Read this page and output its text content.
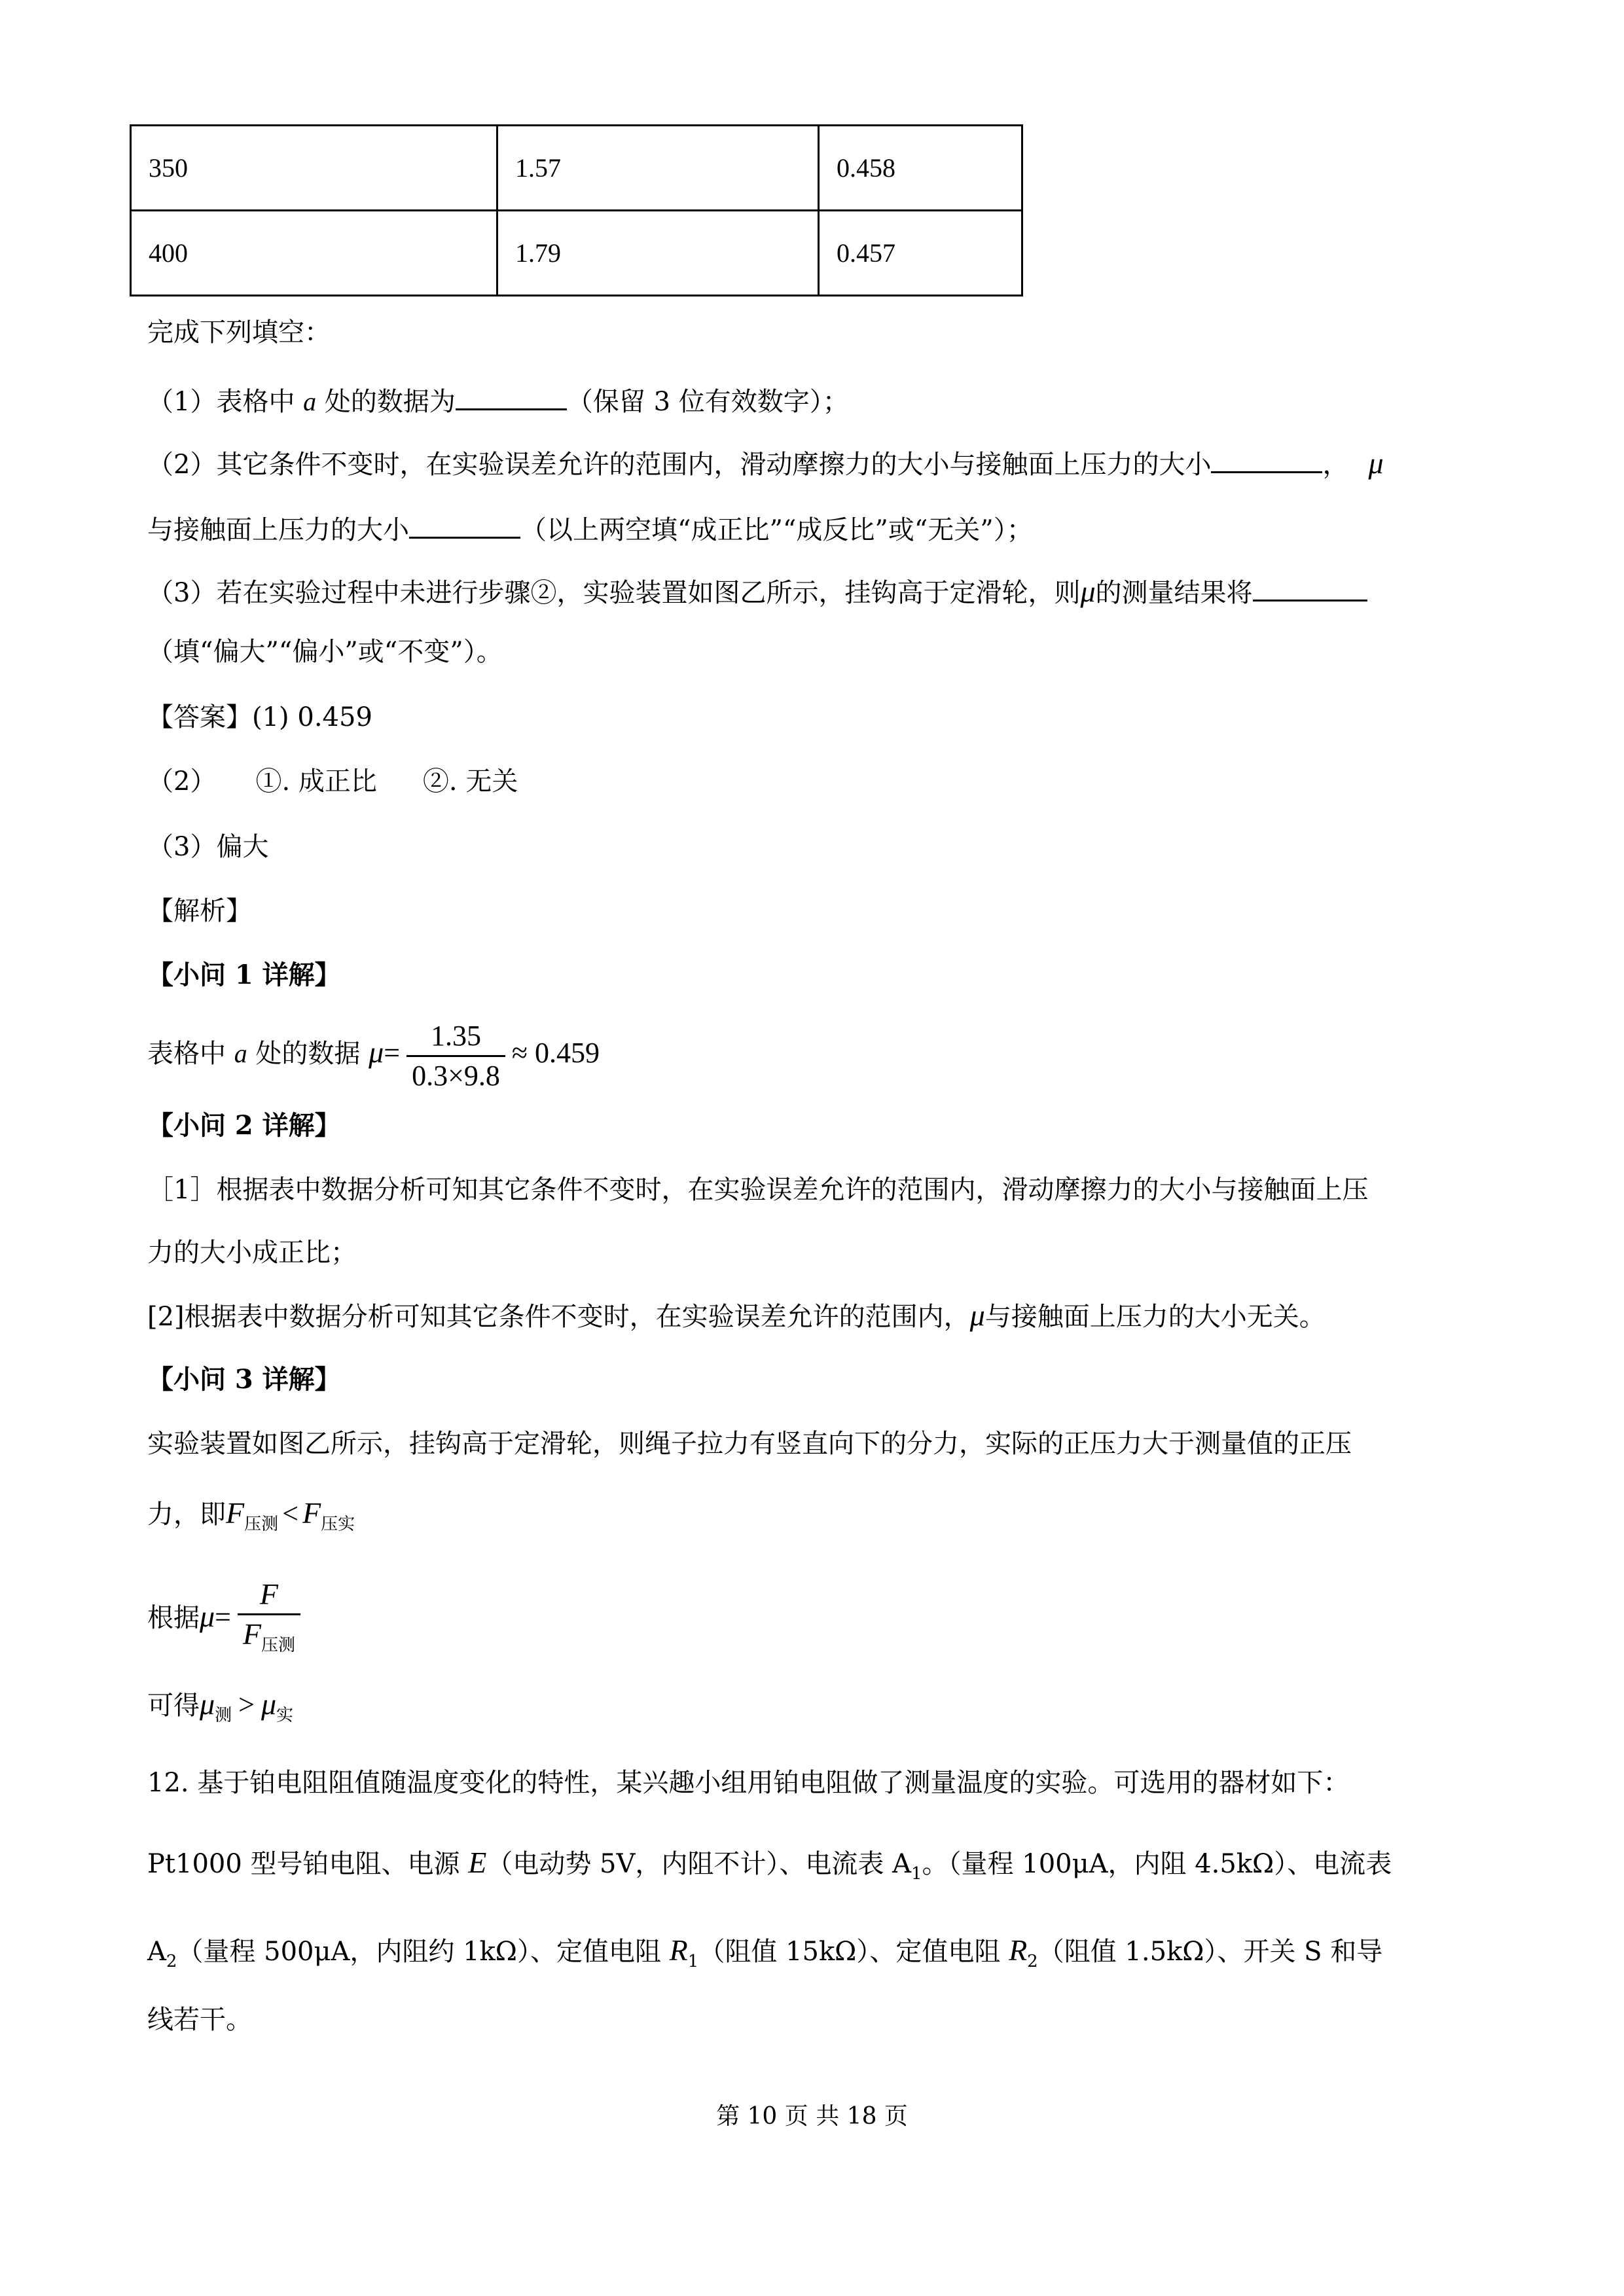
350	1.57	0.458
400	1.79	0.457
完成下列填空：
（1）表格中 a 处的数据为	（保留 3 位有效数字）；
（2）其它条件不变时，在实验误差允许的范围内，滑动摩擦力的大小与接触面上压力的大小	， μ
与接触面上压力的大小	（以上两空填“成正比”“成反比”或“无关”）；
（3）若在实验过程中未进行步骤②，实验装置如图乙所示，挂钩高于定滑轮，则μ的测量结果将
（填“偏大”“偏小”或“不变”）。
【答案】(1) 0.459
（2） ①. 成正比 ②. 无关
（3）偏大
【解析】
【小问 1 详解】
表格中 a 处的数据 $\mu= \frac{1.35}{0.3\times 9.8} \approx 0.459$
【小问 2 详解】
［1］根据表中数据分析可知其它条件不变时，在实验误差允许的范围内，滑动摩擦力的大小与接触面上压
力的大小成正比；
[2]根据表中数据分析可知其它条件不变时，在实验误差允许的范围内，μ与接触面上压力的大小无关。
【小问 3 详解】
实验装置如图乙所示，挂钩高于定滑轮，则绳子拉力有竖直向下的分力，实际的正压力大于测量值的正压
力，即$F_{压测} < F_{压实}$
根据$\mu= \frac{F}{F_{压测}}$
可得$\mu_测 > \mu_实$
12. 基于铂电阻阻值随温度变化的特性，某兴趣小组用铂电阻做了测量温度的实验。可选用的器材如下：
Pt1000 型号铂电阻、电源 E（电动势 5V，内阻不计）、电流表 $A_1$。（量程 100μA，内阻 4.5kΩ）、电流表
$A_2$（量程 500μA，内阻约 1kΩ）、定值电阻 $R_1$（阻值 15kΩ）、定值电阻 $R_2$（阻值 1.5kΩ）、开关 S 和导
线若干。
第 10 页 共 18 页
